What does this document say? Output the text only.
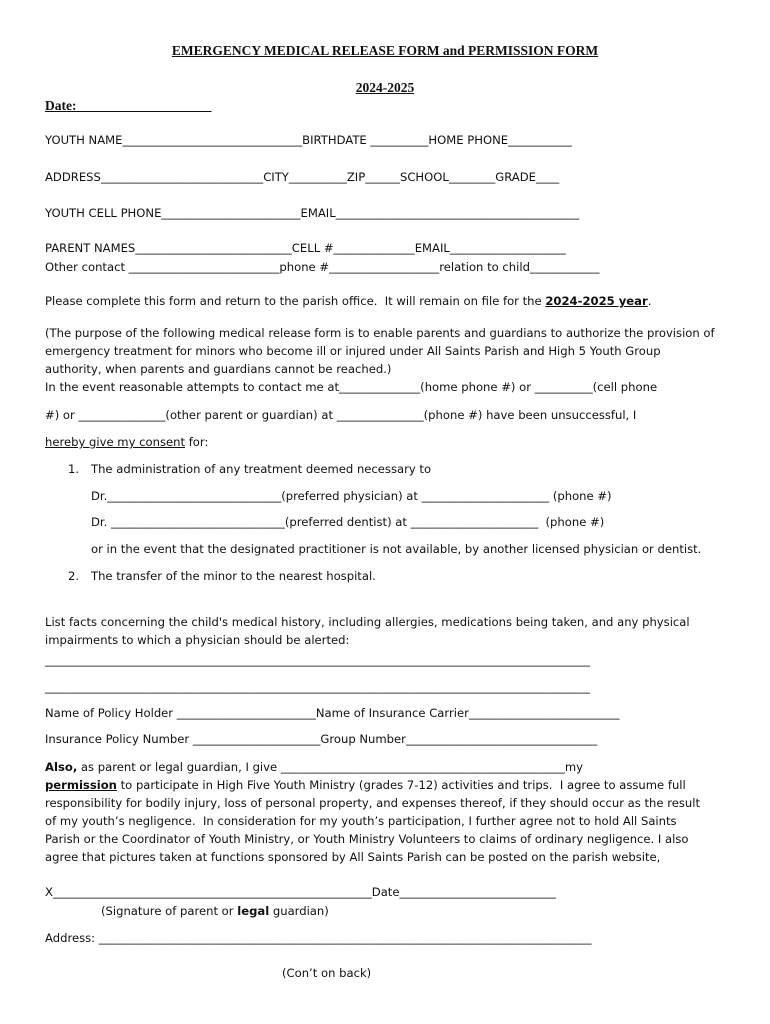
EMERGENCY MEDICAL RELEASE FORM and PERMISSION FORM
2024-2025
Date:
YOUTH NAME_______________________________BIRTHDATE __________HOME PHONE___________
ADDRESS____________________________CITY__________ZIP______SCHOOL________GRADE____
YOUTH CELL PHONE________________________EMAIL__________________________________________
PARENT NAMES___________________________CELL #______________EMAIL____________________
Other contact __________________________phone #___________________relation to child____________
Please complete this form and return to the parish office.  It will remain on file for the 2024-2025 year.
(The purpose of the following medical release form is to enable parents and guardians to authorize the provision of
emergency treatment for minors who become ill or injured under All Saints Parish and High 5 Youth Group
authority, when parents and guardians cannot be reached.)
In the event reasonable attempts to contact me at______________(home phone #) or __________(cell phone
#) or _______________(other parent or guardian) at _______________(phone #) have been unsuccessful, I
hereby give my consent for:
1. The administration of any treatment deemed necessary to
Dr.______________________________(preferred physician) at ______________________ (phone #)
Dr. ______________________________(preferred dentist) at ______________________  (phone #)
or in the event that the designated practitioner is not available, by another licensed physician or dentist.
2. The transfer of the minor to the nearest hospital.
List facts concerning the child's medical history, including allergies, medications being taken, and any physical
impairments to which a physician should be alerted:
______________________________________________________________________________________________
______________________________________________________________________________________________
Name of Policy Holder ________________________Name of Insurance Carrier__________________________
Insurance Policy Number ______________________Group Number_________________________________
Also, as parent or legal guardian, I give _________________________________________________my
permission to participate in High Five Youth Ministry (grades 7-12) activities and trips.  I agree to assume full
responsibility for bodily injury, loss of personal property, and expenses thereof, if they should occur as the result
of my youth’s negligence.  In consideration for my youth’s participation, I further agree not to hold All Saints
Parish or the Coordinator of Youth Ministry, or Youth Ministry Volunteers to claims of ordinary negligence. I also
agree that pictures taken at functions sponsored by All Saints Parish can be posted on the parish website,
X_______________________________________________________Date___________________________
(Signature of parent or legal guardian)
Address: _____________________________________________________________________________________
(Con’t on back)
